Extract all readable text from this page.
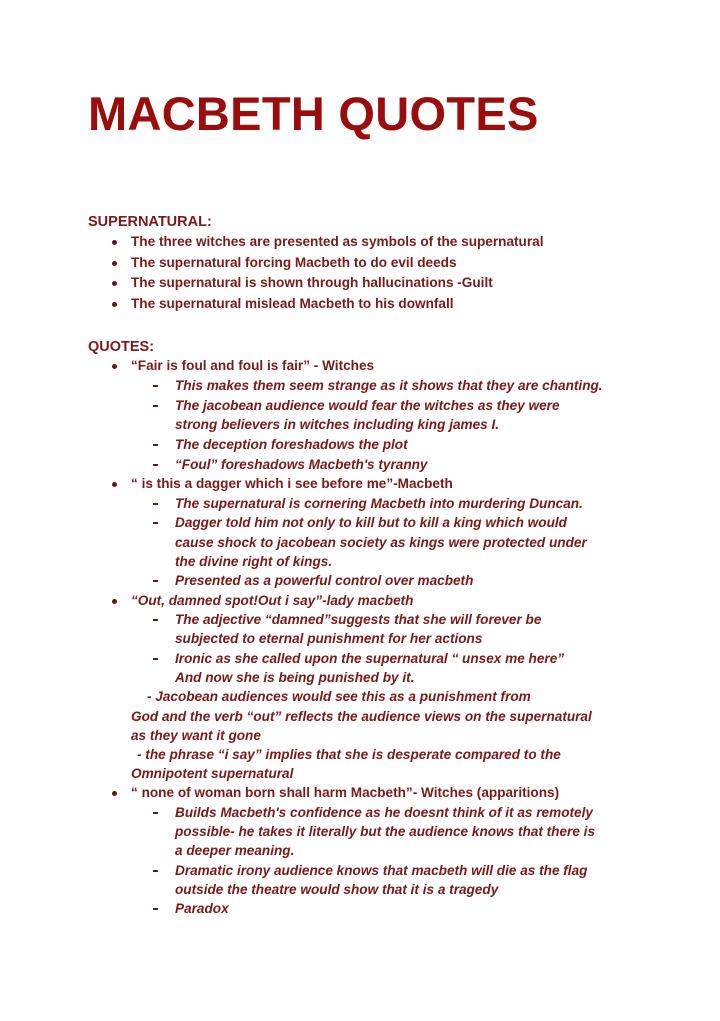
MACBETH QUOTES
SUPERNATURAL:

The three witches are presented as symbols of the supernatural

The supernatural forcing Macbeth to do evil deeds

The supernatural is shown through hallucinations -Guilt

The supernatural mislead Macbeth to his downfall

QUOTES:

“Fair is foul and foul is fair” - Witches

This makes them seem strange as it shows that they are chanting.

The jacobean audience would fear the witches as they were

strong believers in witches including king james I.

The deception foreshadows the plot

“Foul” foreshadows Macbeth's tyranny

“ is this a dagger which i see before me”-Macbeth

The supernatural is cornering Macbeth into murdering Duncan.

Dagger told him not only to kill but to kill a king which would

cause shock to jacobean society as kings were protected under

the divine right of kings.

Presented as a powerful control over macbeth

“Out, damned spot!Out i say”-lady macbeth

The adjective “damned”suggests that she will forever be

subjected to eternal punishment for her actions

Ironic as she called upon the supernatural “ unsex me here”

And now she is being punished by it.

- Jacobean audiences would see this as a punishment from

God and the verb “out” reflects the audience views on the supernatural

as they want it gone

- the phrase “i say” implies that she is desperate compared to the

Omnipotent supernatural

“ none of woman born shall harm Macbeth”- Witches (apparitions)

Builds Macbeth's confidence as he doesnt think of it as remotely

possible- he takes it literally but the audience knows that there is

a deeper meaning.

Dramatic irony audience knows that macbeth will die as the flag

outside the theatre would show that it is a tragedy

Paradox
